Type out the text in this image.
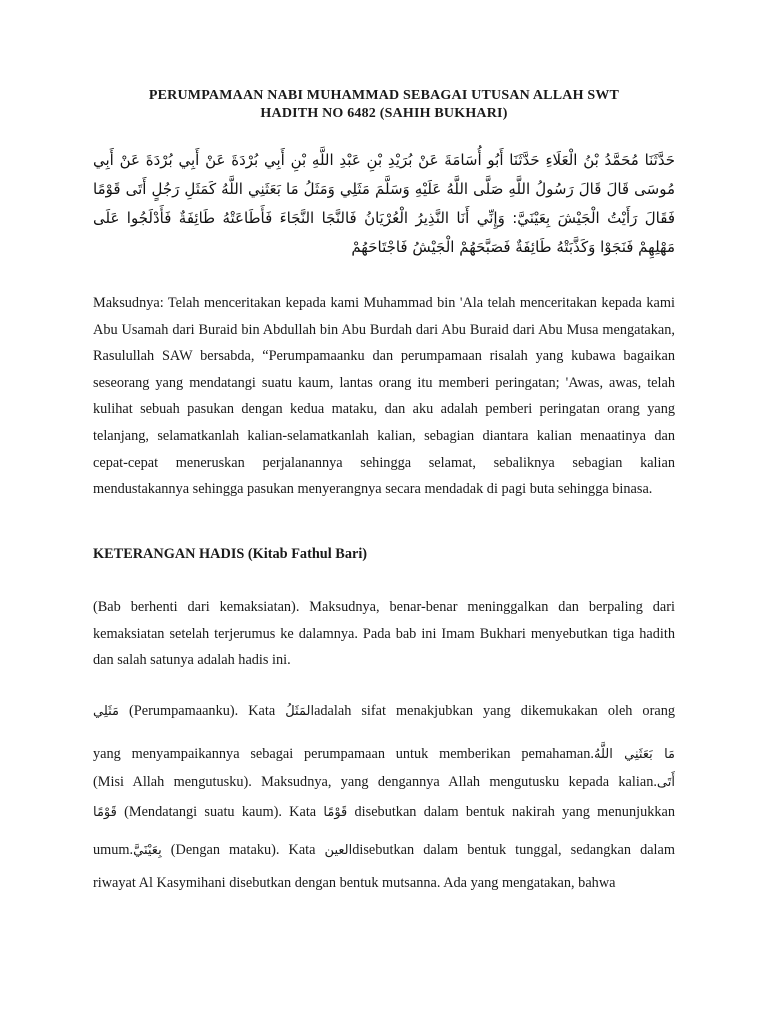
PERUMPAMAAN NABI MUHAMMAD SEBAGAI UTUSAN ALLAH SWT
HADITH NO 6482 (SAHIH BUKHARI)
حَدَّثَنَا مُحَمَّدُ بْنُ الْعَلَاءِ حَدَّثَنَا أَبُو أُسَامَةَ عَنْ بُرَيْدِ بْنِ عَبْدِ اللَّهِ بْنِ أَبِي بُرْدَةَ عَنْ أَبِي بُرْدَةَ عَنْ أَبِي مُوسَى قَالَ قَالَ رَسُولُ اللَّهِ صَلَّى اللَّهُ عَلَيْهِ وَسَلَّمَ مَثَلِي وَمَثَلُ مَا بَعَثَنِي اللَّهُ كَمَثَلِ رَجُلٍ أَتَى قَوْمًا فَقَالَ رَأَيْتُ الْجَيْشَ بِعَيْنَيَّ: وَإِنِّي أَنَا النَّذِيرُ الْعُرْيَانُ فَالنَّجَا النَّجَاءَ فَأَطَاعَتْهُ طَائِفَةٌ فَأَدْلَجُوا عَلَى مَهْلِهِمْ فَنَجَوْا وَكَذَّبَتْهُ طَائِفَةٌ فَصَبَّحَهُمْ الْجَيْشُ فَاجْتَاحَهُمْ
Maksudnya: Telah menceritakan kepada kami Muhammad bin 'Ala telah menceritakan kepada kami Abu Usamah dari Buraid bin Abdullah bin Abu Burdah dari Abu Buraid dari Abu Musa mengatakan, Rasulullah SAW bersabda, “Perumpamaanku dan perumpamaan risalah yang kubawa bagaikan seseorang yang mendatangi suatu kaum, lantas orang itu memberi peringatan; 'Awas, awas, telah kulihat sebuah pasukan dengan kedua mataku, dan aku adalah pemberi peringatan orang yang telanjang, selamatkanlah kalian-selamatkanlah kalian, sebagian diantara kalian menaatinya dan cepat-cepat meneruskan perjalanannya sehingga selamat, sebaliknya sebagian kalian mendustakannya sehingga pasukan menyerangnya secara mendadak di pagi buta sehingga binasa.
KETERANGAN HADIS (Kitab Fathul Bari)
(Bab berhenti dari kemaksiatan). Maksudnya, benar-benar meninggalkan dan berpaling dari kemaksiatan setelah terjerumus ke dalamnya. Pada bab ini Imam Bukhari menyebutkan tiga hadith dan salah satunya adalah hadis ini.
مَثَلِي (Perumpamaanku). Kata المَثَلُadalah sifat menakjubkan yang dikemukakan oleh orang
yang menyampaikannya sebagai perumpamaan untuk memberikan pemahaman.مَا بَعَثَنِي اللَّهُ
(Misi Allah mengutusku). Maksudnya, yang dengannya Allah mengutusku kepada kalian.أَتَى
قَوْمًا (Mendatangi suatu kaum). Kata قَوْمًا disebutkan dalam bentuk nakirah yang menunjukkan
umum.بِعَيْنَيَّ (Dengan mataku). Kata العينdisebutkan dalam bentuk tunggal, sedangkan dalam
riwayat Al Kasymihani disebutkan dengan bentuk mutsanna. Ada yang mengatakan, bahwa
